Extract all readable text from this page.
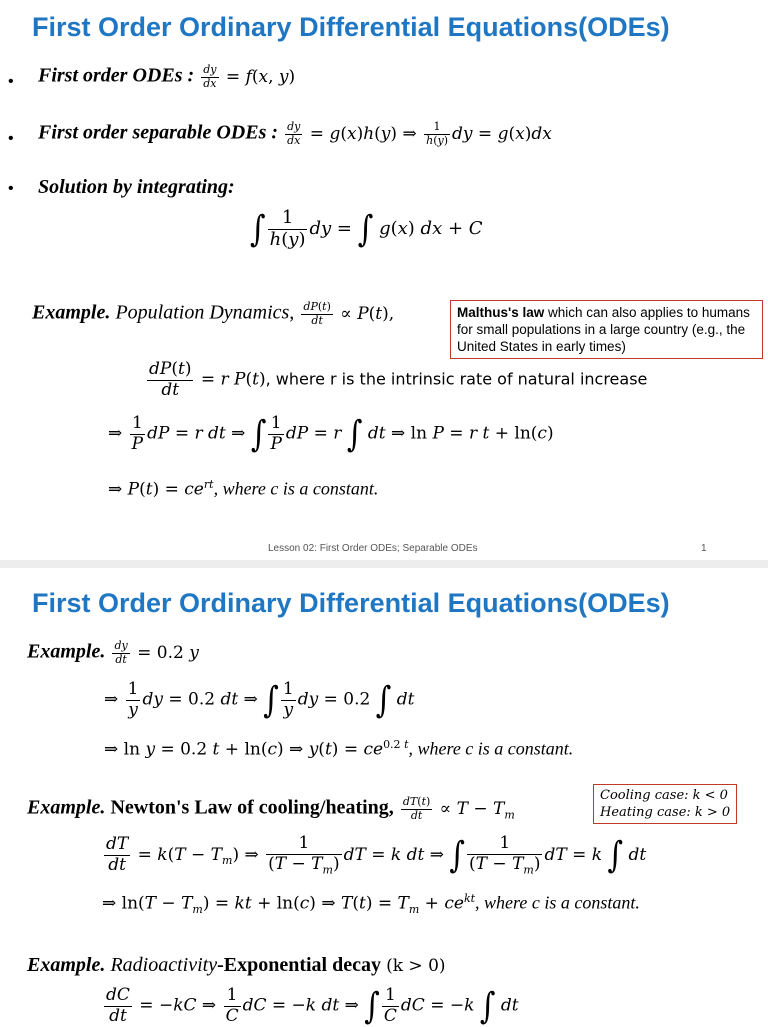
First Order Ordinary Differential Equations(ODEs)
• First order ODEs : $\frac{dy}{dx} = f(x$, y)
• First order separable ODEs : $\frac{dy}{dx} = g(x)h(y)$ ⇒ $\frac{1}{h(y)}$ dy = g(x)dx
• Solution by integrating:
∫ $\frac{1}{h(y)}$ dy = ∫ g(x) dx + C
Example. Population Dynamics, $\frac{dP(t)}{dt} \propto P(t)$,	Malthus's law which can also applies to humans for small populations in a large country (e.g., the United States in early times)
$\frac{dP(t)}{dt} = r$ P(t), where r is the intrinsic rate of natural increase
⇒ $\frac{1}{P}$ dP = r dt ⇒ ∫ $\frac{1}{P}$ dP = r ∫ dt ⇒ ln P = r t + ln(c)
⇒ $P(t) = ce^{rt}$, where c is a constant.
Lesson 02: First Order ODEs; Separable ODEs	1
First Order Ordinary Differential Equations(ODEs)
Example. $\frac{dy}{dt} = 0.2$ y
⇒ $\frac{1}{y}$ dy = 0.2 dt ⇒ ∫ $\frac{1}{y}$ dy = 0.2 ∫ dt
⇒ ln y = 0.2 t + ln(c) ⇒ $y(t) = ce^{0.2 t}$, where c is a constant.
Example. Newton's Law of cooling/heating, $\frac{dT(t)}{dt} \propto T - T_m$
Cooling case: k < 0
Heating case: k > 0
$\frac{dT}{dt} = k(T - T_m)$ ⇒ $\frac{1}{(T - T_m)}$ dT = k dt ⇒ ∫ $\frac{1}{(T - T_m)}$ dT = k ∫ dt
⇒ $\ln(T - T_m)$ = kt + ln(c) ⇒ $T(t) = T_m + ce^{kt}$, where c is a constant.
Example. Radioactivity-Exponential decay (k > 0)
$\frac{dC}{dt} = -kC$ ⇒ $\frac{1}{C}$ dC = −k dt ⇒ ∫ $\frac{1}{C}$ dC = −k ∫ dt
